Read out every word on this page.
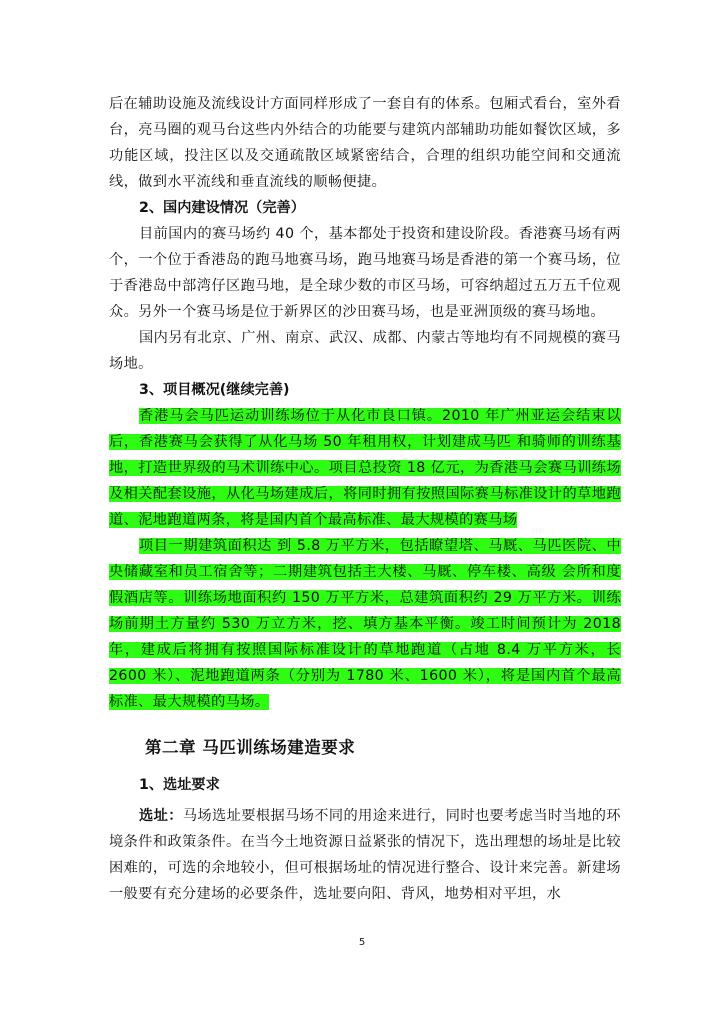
后在辅助设施及流线设计方面同样形成了一套自有的体系。包厢式看台，室外看台，亮马圈的观马台这些内外结合的功能要与建筑内部辅助功能如餐饮区域，多功能区域，投注区以及交通疏散区域紧密结合，合理的组织功能空间和交通流线，做到水平流线和垂直流线的顺畅便捷。

2、国内建设情况（完善）

目前国内的赛马场约 40 个，基本都处于投资和建设阶段。香港赛马场有两个，一个位于香港岛的跑马地赛马场，跑马地赛马场是香港的第一个赛马场，位于香港岛中部湾仔区跑马地，是全球少数的市区马场，可容纳超过五万五千位观众。另外一个赛马场是位于新界区的沙田赛马场，也是亚洲顶级的赛马场地。

国内另有北京、广州、南京、武汉、成都、内蒙古等地均有不同规模的赛马场地。

3、项目概况(继续完善)

香港马会马匹运动训练场位于从化市良口镇。2010 年广州亚运会结束以后，香港赛马会获得了从化马场 50 年租用权，计划建成马匹 和骑师的训练基地，打造世界级的马术训练中心。项目总投资 18 亿元，为香港马会赛马训练场及相关配套设施，从化马场建成后，将同时拥有按照国际赛马标准设计的草地跑道、泥地跑道两条，将是国内首个最高标准、最大规模的赛马场

项目一期建筑面积达 到 5.8 万平方米，包括瞭望塔、马厩、马匹医院、中央储藏室和员工宿舍等；二期建筑包括主大楼、马厩、停车楼、高级 会所和度假酒店等。训练场地面积约 150 万平方米，总建筑面积约 29 万平方米。训练场前期土方量约 530 万立方米，挖、填方基本平衡。竣工时间预计为 2018 年，建成后将拥有按照国际标准设计的草地跑道（占地 8.4 万平方米，长 2600 米）、泥地跑道两条（分别为 1780 米、1600 米），将是国内首个最高标准、最大规模的马场。

第二章 马匹训练场建造要求

1、选址要求

选址：马场选址要根据马场不同的用途来进行，同时也要考虑当时当地的环境条件和政策条件。在当今土地资源日益紧张的情况下，选出理想的场址是比较困难的，可选的余地较小，但可根据场址的情况进行整合、设计来完善。新建场一般要有充分建场的必要条件，选址要向阳、背风，地势相对平坦，水

5
